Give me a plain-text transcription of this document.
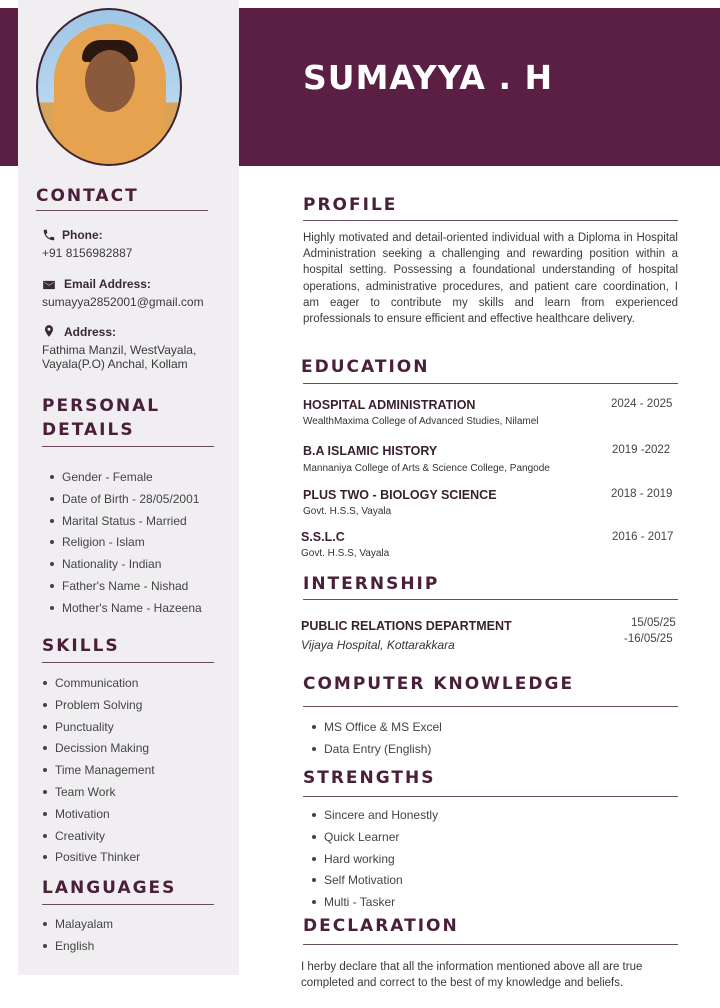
SUMAYYA . H
CONTACT
Phone:
+91 8156982887
Email Address:
sumayya2852001@gmail.com
Address:
Fathima Manzil, WestVayala,
Vayala(P.O) Anchal, Kollam
PERSONAL
DETAILS
Gender - Female
Date of Birth - 28/05/2001
Marital Status - Married
Religion - Islam
Nationality - Indian
Father's Name - Nishad
Mother's Name - Hazeena
SKILLS
Communication
Problem Solving
Punctuality
Decission Making
Time Management
Team Work
Motivation
Creativity
Positive Thinker
LANGUAGES
Malayalam
English
PROFILE
Highly motivated and detail-oriented individual with a Diploma in Hospital Administration seeking a challenging and rewarding position within a hospital setting. Possessing a foundational understanding of hospital operations, administrative procedures, and patient care coordination, I am eager to contribute my skills and learn from experienced professionals to ensure efficient and effective healthcare delivery.
EDUCATION
HOSPITAL ADMINISTRATION
WealthMaxima College of Advanced Studies, Nilamel
2024 - 2025
B.A ISLAMIC HISTORY
Mannaniya College of Arts & Science College, Pangode
2019 -2022
PLUS TWO - BIOLOGY SCIENCE
Govt. H.S.S, Vayala
2018 - 2019
S.S.L.C
Govt. H.S.S, Vayala
2016 - 2017
INTERNSHIP
PUBLIC RELATIONS DEPARTMENT
Vijaya Hospital, Kottarakkara
15/05/25
-16/05/25
COMPUTER KNOWLEDGE
MS Office & MS Excel
Data Entry (English)
STRENGTHS
Sincere and Honestly
Quick Learner
Hard working
Self Motivation
Multi - Tasker
DECLARATION
I herby declare that all the information mentioned above all are true
completed and correct to the best of my knowledge and beliefs.
